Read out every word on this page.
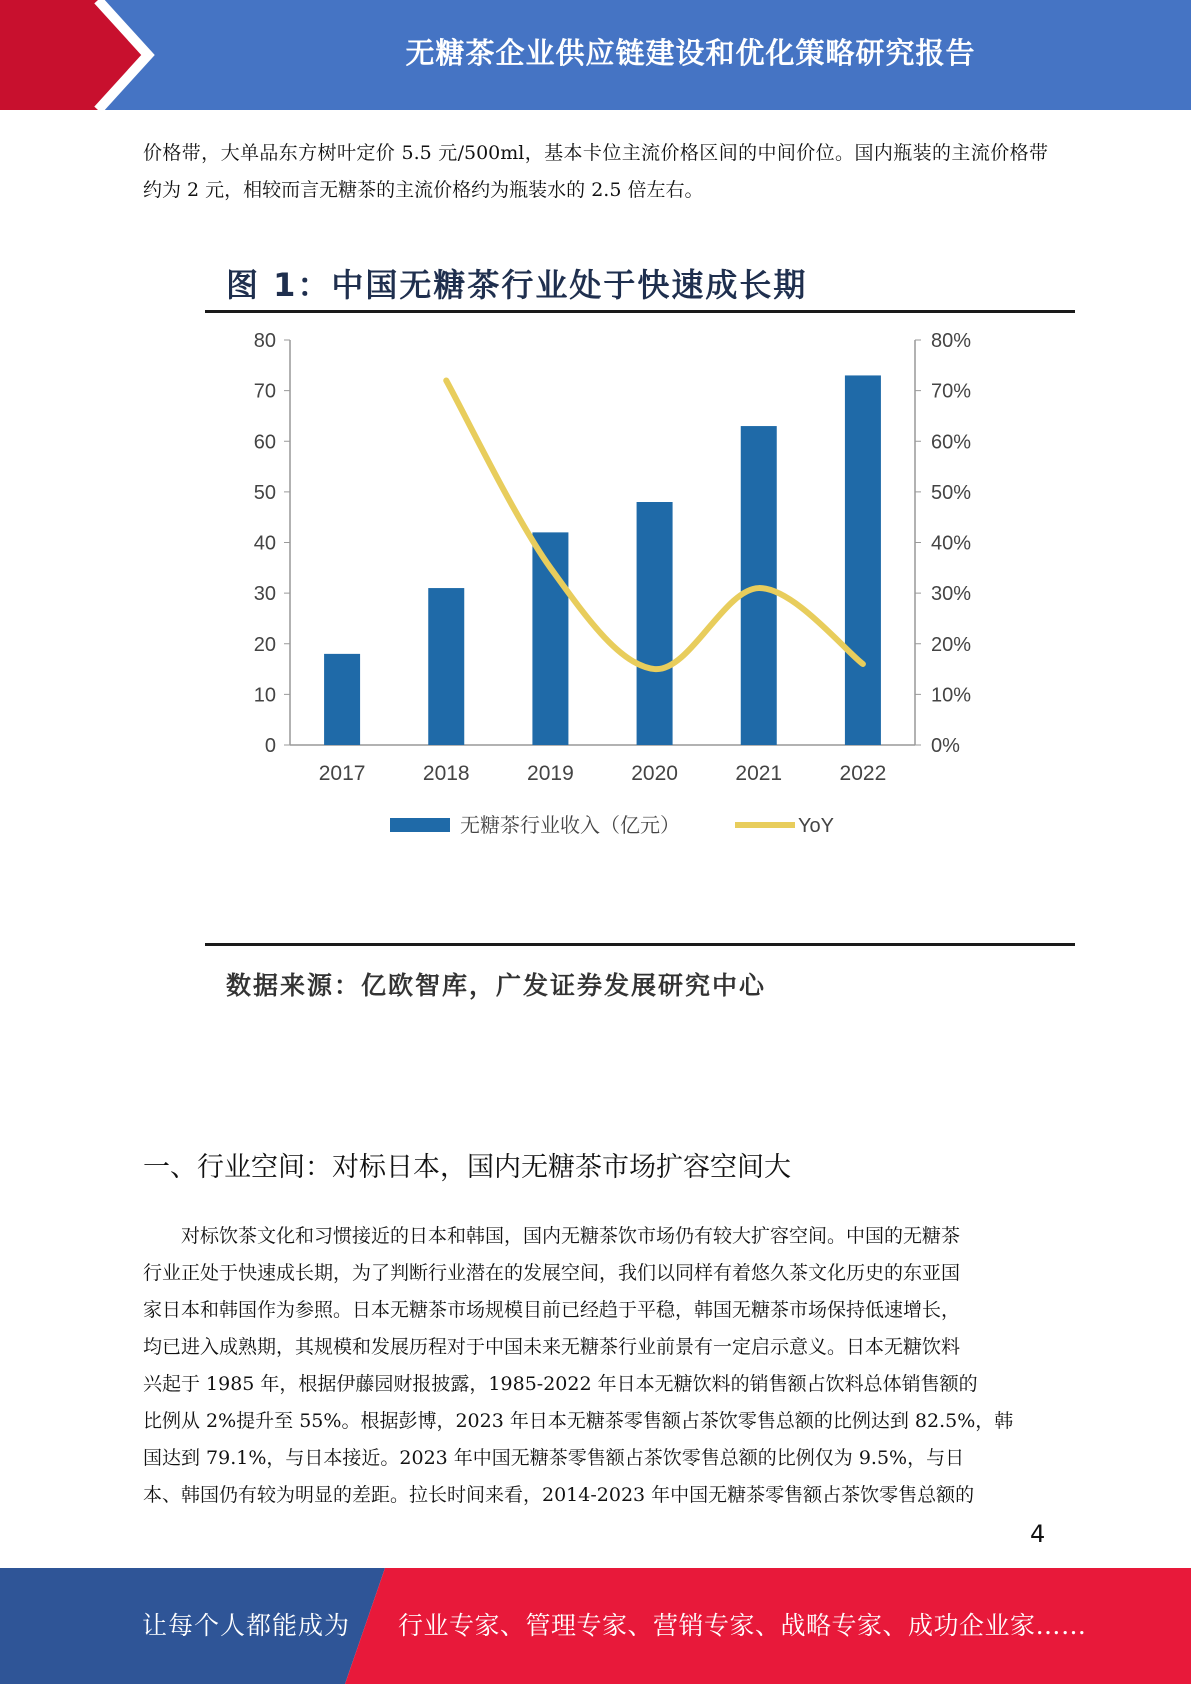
无糖茶企业供应链建设和优化策略研究报告

价格带，大单品东方树叶定价 5.5 元/500ml，基本卡位主流价格区间的中间价位。国内瓶装的主流价格带约为 2 元，相较而言无糖茶的主流价格约为瓶装水的 2.5 倍左右。

图 1：中国无糖茶行业处于快速成长期

0
10
20
30
40
50
60
70
80
0%
10%
20%
30%
40%
50%
60%
70%
80%
2017	2018	2019	2020	2021	2022
无糖茶行业收入（亿元）	YoY

数据来源：亿欧智库，广发证券发展研究中心

一、行业空间：对标日本，国内无糖茶市场扩容空间大
对标饮茶文化和习惯接近的日本和韩国，国内无糖茶饮市场仍有较大扩容空间。中国的无糖茶
行业正处于快速成长期，为了判断行业潜在的发展空间，我们以同样有着悠久茶文化历史的东亚国
家日本和韩国作为参照。日本无糖茶市场规模目前已经趋于平稳，韩国无糖茶市场保持低速增长，
均已进入成熟期，其规模和发展历程对于中国未来无糖茶行业前景有一定启示意义。日本无糖饮料
兴起于 1985 年，根据伊藤园财报披露，1985-2022 年日本无糖饮料的销售额占饮料总体销售额的
比例从 2%提升至 55%。根据彭博，2023 年日本无糖茶零售额占茶饮零售总额的比例达到 82.5%，韩
国达到 79.1%，与日本接近。2023 年中国无糖茶零售额占茶饮零售总额的比例仅为 9.5%，与日
本、韩国仍有较为明显的差距。拉长时间来看，2014-2023 年中国无糖茶零售额占茶饮零售总额的
4
让每个人都能成为 行业专家、管理专家、营销专家、战略专家、成功企业家……
